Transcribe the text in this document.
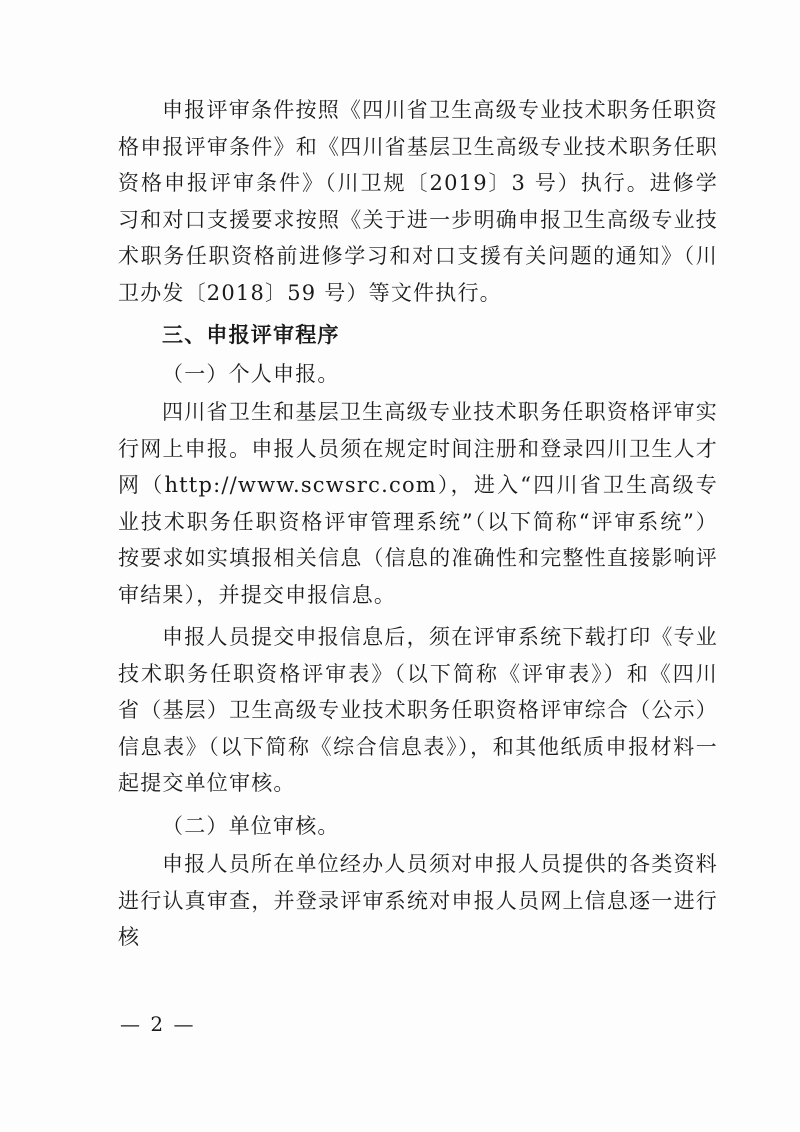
申报评审条件按照《四川省卫生高级专业技术职务任职资格申报评审条件》和《四川省基层卫生高级专业技术职务任职资格申报评审条件》（川卫规〔2019〕3 号）执行。进修学习和对口支援要求按照《关于进一步明确申报卫生高级专业技术职务任职资格前进修学习和对口支援有关问题的通知》（川卫办发〔2018〕59 号）等文件执行。

三、申报评审程序

（一）个人申报。

四川省卫生和基层卫生高级专业技术职务任职资格评审实行网上申报。申报人员须在规定时间注册和登录四川卫生人才网（http://www.scwsrc.com），进入“四川省卫生高级专业技术职务任职资格评审管理系统”（以下简称“评审系统”）按要求如实填报相关信息（信息的准确性和完整性直接影响评审结果），并提交申报信息。

申报人员提交申报信息后，须在评审系统下载打印《专业技术职务任职资格评审表》（以下简称《评审表》）和《四川省（基层）卫生高级专业技术职务任职资格评审综合（公示）信息表》（以下简称《综合信息表》），和其他纸质申报材料一起提交单位审核。

（二）单位审核。

申报人员所在单位经办人员须对申报人员提供的各类资料进行认真审查，并登录评审系统对申报人员网上信息逐一进行核

— 2 —
